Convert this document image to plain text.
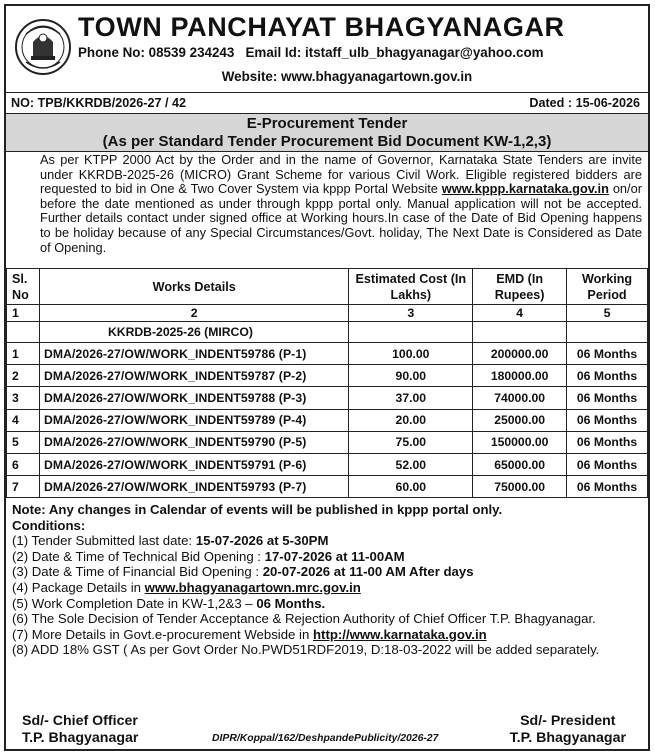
TOWN PANCHAYAT BHAGYANAGAR
Phone No: 08539 234243 Email Id: itstaff_ulb_bhagyanagar@yahoo.com
Website: www.bhagyanagartown.gov.in
NO: TPB/KKRDB/2026-27 / 42	Dated : 15-06-2026
E-Procurement Tender
(As per Standard Tender Procurement Bid Document KW-1,2,3)

As per KTPP 2000 Act by the Order and in the name of Governor, Karnataka State Tenders are invite under KKRDB-2025-26 (MICRO) Grant Scheme for various Civil Work. Eligible registered bidders are requested to bid in One & Two Cover System via kppp Portal Website www.kppp.karnataka.gov.in on/or before the date mentioned as under through kppp portal only. Manual application will not be accepted. Further details contact under signed office at Working hours.In case of the Date of Bid Opening happens to be holiday because of any Special Circumstances/Govt. holiday, The Next Date is Considered as Date of Opening.

Sl. No	Works Details	Estimated Cost (In Lakhs)	EMD (In Rupees)	Working Period
1	2	3	4	5
	KKRDB-2025-26 (MIRCO)			
1	DMA/2026-27/OW/WORK_INDENT59786 (P-1)	100.00	200000.00	06 Months
2	DMA/2026-27/OW/WORK_INDENT59787 (P-2)	90.00	180000.00	06 Months
3	DMA/2026-27/OW/WORK_INDENT59788 (P-3)	37.00	74000.00	06 Months
4	DMA/2026-27/OW/WORK_INDENT59789 (P-4)	20.00	25000.00	06 Months
5	DMA/2026-27/OW/WORK_INDENT59790 (P-5)	75.00	150000.00	06 Months
6	DMA/2026-27/OW/WORK_INDENT59791 (P-6)	52.00	65000.00	06 Months
7	DMA/2026-27/OW/WORK_INDENT59793 (P-7)	60.00	75000.00	06 Months

Note: Any changes in Calendar of events will be published in kppp portal only.

Conditions:

(1) Tender Submitted last date: 15-07-2026 at 5-30PM

(2) Date & Time of Technical Bid Opening : 17-07-2026 at 11-00AM

(3) Date & Time of Financial Bid Opening : 20-07-2026 at 11-00 AM After days

(4) Package Details in www.bhagyanagartown.mrc.gov.in

(5) Work Completion Date in KW-1,2&3 – 06 Months.

(6) The Sole Decision of Tender Acceptance & Rejection Authority of Chief Officer T.P. Bhagyanagar.

(7) More Details in Govt.e-procurement Webside in http://www.karnataka.gov.in

(8) ADD 18% GST ( As per Govt Order No.PWD51RDF2019, D:18-03-2022 will be added separately.

Sd/- Chief Officer
T.P. Bhagyanagar	DIPR/Koppal/162/DeshpandePublicity/2026-27
Sd/- President
T.P. Bhagyanagar
